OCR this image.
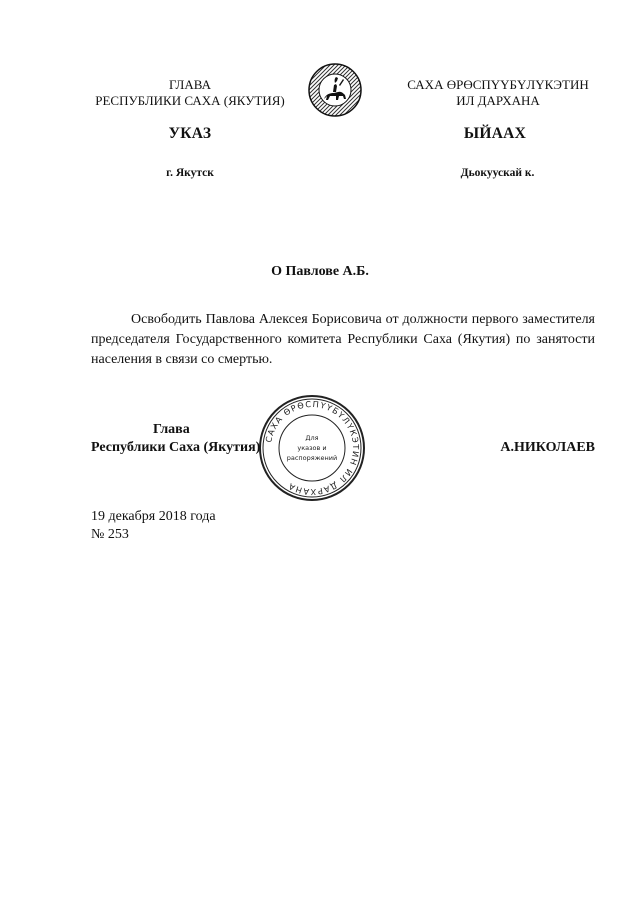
ГЛАВА
РЕСПУБЛИКИ САХА (ЯКУТИЯ)
САХА ӨРӨСПҮҮБҮЛҮКЭТИН
ИЛ ДАРХАНА
УКАЗ	ЫЙААХ
г. Якутск	Дьокуускай к.
О Павлове А.Б.
Освободить Павлова Алексея Борисовича от должности первого заместителя председателя Государственного комитета Республики Саха (Якутия) по занятости населения в связи со смертью.
САХА ӨРӨСПҮҮБҮЛҮКЭТИН ИЛ ДАРХАНА
Для
указов и
распоряжений
Глава
Республики Саха (Якутия)	А.НИКОЛАЕВ
19 декабря 2018 года
№ 253
